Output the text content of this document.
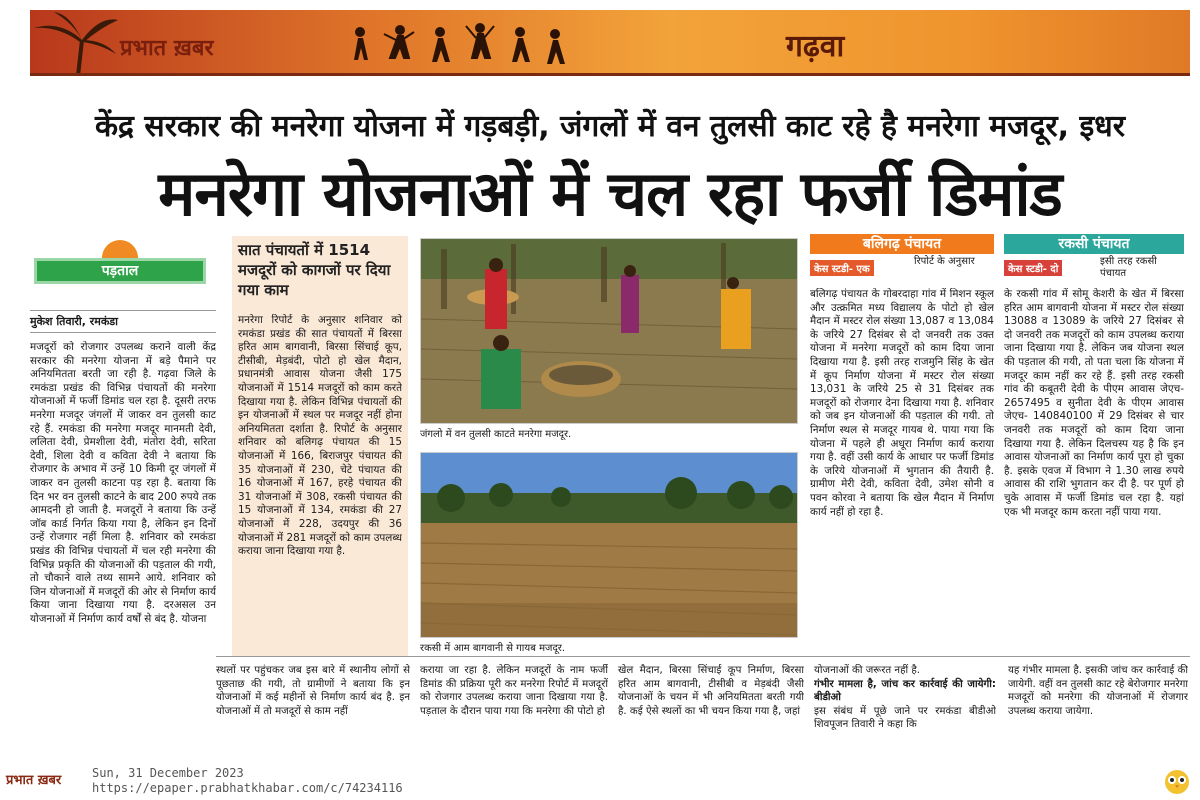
प्रभात ख़बर	गढ़वा
केंद्र सरकार की मनरेगा योजना में गड़बड़ी, जंगलों में वन तुलसी काट रहे है मनरेगा मजदूर, इधर
मनरेगा योजनाओं में चल रहा फर्जी डिमांड
पड़ताल
मुकेश तिवारी, रमकंडा
मजदूरों को रोजगार उपलब्ध कराने वाली केंद्र सरकार की मनरेगा योजना में बड़े पैमाने पर अनियमितता बरती जा रही है. गढ़वा जिले के रमकंडा प्रखंड की विभिन्न पंचायतों की मनरेगा योजनाओं में फर्जी डिमांड चल रहा है. दूसरी तरफ मनरेगा मजदूर जंगलों में जाकर वन तुलसी काट रहे हैं. रमकंडा की मनरेगा मजदूर मानमती देवी, ललिता देवी, प्रेमशीला देवी, मंतोरा देवी, सरिता देवी, शिला देवी व कविता देवी ने बताया कि रोजगार के अभाव में उन्हें 10 किमी दूर जंगलों में जाकर वन तुलसी काटना पड़ रहा है. बताया कि दिन भर वन तुलसी काटने के बाद 200 रुपये तक आमदनी हो जाती है. मजदूरों ने बताया कि उन्हें जॉब कार्ड निर्गत किया गया है, लेकिन इन दिनों उन्हें रोजगार नहीं मिला है. शनिवार को रमकंडा प्रखंड की विभिन्न पंचायतों में चल रही मनरेगा की विभिन्न प्रकृति की योजनाओं की पड़ताल की गयी, तो चौकाने वाले तथ्य सामने आये. शनिवार को जिन योजनाओं में मजदूरों की ओर से निर्माण कार्य किया जाना दिखाया गया है. दरअसल उन योजनाओं में निर्माण कार्य वर्षों से बंद है. योजना
सात पंचायतों में 1514 मजदूरों को कागजों पर दिया गया काम
मनरेगा रिपोर्ट के अनुसार शनिवार को रमकंडा प्रखंड की सात पंचायतों में बिरसा हरित आम बागवानी, बिरसा सिंचाई कूप, टीसीबी, मेड़बंदी, पोटो हो खेल मैदान, प्रधानमंत्री आवास योजना जैसी 175 योजनाओं में 1514 मजदूरों को काम करते दिखाया गया है. लेकिन विभिन्न पंचायतों की इन योजनाओं में स्थल पर मजदूर नहीं होना अनियमितता दर्शाता है. रिपोर्ट के अनुसार शनिवार को बलिगढ़ पंचायत की 15 योजनाओं में 166, बिराजपुर पंचायत की 35 योजनाओं में 230, चेटे पंचायत की 16 योजनाओं में 167, हरहे पंचायत की 31 योजनाओं में 308, रकसी पंचायत की 15 योजनाओं में 134, रमकंडा की 27 योजनाओं में 228, उदयपुर की 36 योजनाओं में 281 मजदूरों को काम उपलब्ध कराया जाना दिखाया गया है.
जंगलो में वन तुलसी काटते मनरेगा मजदूर.
रकसी में आम बागवानी से गायब मजदूर.
बलिगढ़ पंचायत
केस स्टडी- एक
रिपोर्ट के अनुसार
बलिगढ़ पंचायत के गोबरदाहा गांव में मिशन स्कूल और उत्क्रमित मध्य विद्यालय के पोटो हो खेल मैदान में मस्टर रोल संख्या 13,087 व 13,084 के जरिये 27 दिसंबर से दो जनवरी तक उक्त योजना में मनरेगा मजदूरों को काम दिया जाना दिखाया गया है. इसी तरह राजमुनि सिंह के खेत में कूप निर्माण योजना में मस्टर रोल संख्या 13,031 के जरिये 25 से 31 दिसंबर तक मजदूरों को रोजगार देना दिखाया गया है. शनिवार को जब इन योजनाओं की पड़ताल की गयी. तो निर्माण स्थल से मजदूर गायब थे. पाया गया कि योजना में पहले ही अधूरा निर्माण कार्य कराया गया है. वहीं उसी कार्य के आधार पर फर्जी डिमांड के जरिये योजनाओं में भुगतान की तैयारी है. ग्रामीण मेरी देवी, कविता देवी, उमेश सोनी व पवन कोरवा ने बताया कि खेल मैदान में निर्माण कार्य नहीं हो रहा है.
रकसी पंचायत
केस स्टडी- दो
इसी तरह रकसी पंचायत
के रकसी गांव में सोमू केशरी के खेत में बिरसा हरित आम बागवानी योजना में मस्टर रोल संख्या 13088 व 13089 के जरिये 27 दिसंबर से दो जनवरी तक मजदूरों को काम उपलब्ध कराया जाना दिखाया गया है. लेकिन जब योजना स्थल की पड़ताल की गयी, तो पता चला कि योजना में मजदूर काम नहीं कर रहे हैं. इसी तरह रकसी गांव की कबूतरी देवी के पीएम आवास जेएच- 2657495 व सुनीता देवी के पीएम आवास जेएच- 140840100 में 29 दिसंबर से चार जनवरी तक मजदूरों को काम दिया जाना दिखाया गया है. लेकिन दिलचस्प यह है कि इन आवास योजनाओं का निर्माण कार्य पूरा हो चुका है. इसके एवज में विभाग ने 1.30 लाख रुपये आवास की राशि भुगतान कर दी है. पर पूर्ण हो चुके आवास में फर्जी डिमांड चल रहा है. यहां एक भी मजदूर काम करता नहीं पाया गया.
स्थलों पर पहुंचकर जब इस बारे में स्थानीय लोगों से पूछताछ की गयी, तो ग्रामीणों ने बताया कि इन योजनाओं में कई महीनों से निर्माण कार्य बंद है. इन योजनाओं में तो मजदूरों से काम नहीं
कराया जा रहा है. लेकिन मजदूरों के नाम फर्जी डिमांड की प्रक्रिया पूरी कर मनरेगा रिपोर्ट में मजदूरों को रोजगार उपलब्ध कराया जाना दिखाया गया है. पड़ताल के दौरान पाया गया कि मनरेगा की पोटो हो
खेल मैदान, बिरसा सिंचाई कूप निर्माण, बिरसा हरित आम बागवानी, टीसीबी व मेड़बंदी जैसी योजनाओं के चयन में भी अनियमितता बरती गयी है. कई ऐसे स्थलों का भी चयन किया गया है, जहां
योजनाओं की जरूरत नहीं है.
गंभीर मामला है, जांच कर कार्रवाई की जायेगी: बीडीओ
इस संबंध में पूछे जाने पर रमकंडा बीडीओ शिवपूजन तिवारी ने कहा कि
यह गंभीर मामला है. इसकी जांच कर कार्रवाई की जायेगी. वहीं वन तुलसी काट रहे बेरोजगार मनरेगा मजदूरों को मनरेगा की योजनाओं में रोजगार उपलब्ध कराया जायेगा.
प्रभात ख़बर	Sun, 31 December 2023
https://epaper.prabhatkhabar.com/c/74234116
